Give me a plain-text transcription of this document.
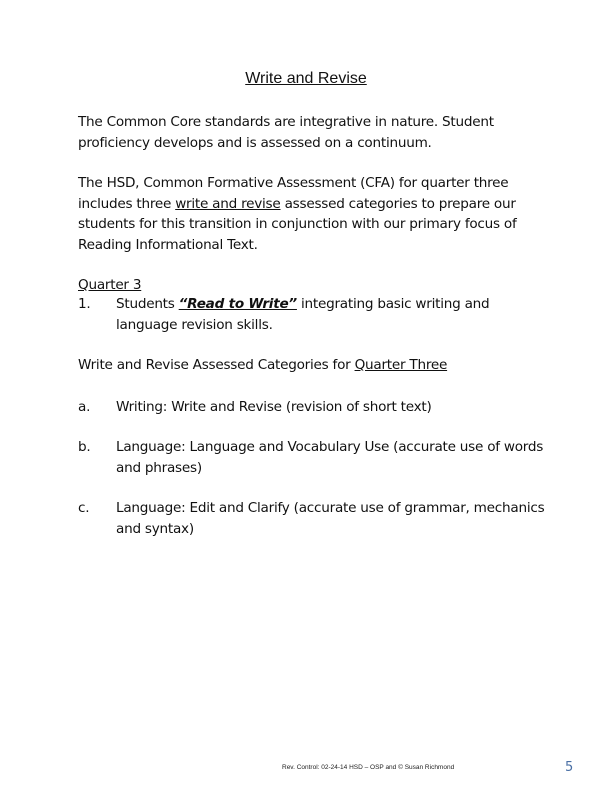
Write and Revise

The Common Core standards are integrative in nature. Student proficiency develops and is assessed on a continuum.

The HSD, Common Formative Assessment (CFA) for quarter three includes three write and revise assessed categories to prepare our students for this transition in conjunction with our primary focus of Reading Informational Text.

Quarter 3
1. Students “Read to Write” integrating basic writing and language revision skills.
Write and Revise Assessed Categories for Quarter Three
a. Writing: Write and Revise (revision of short text)
b. Language: Language and Vocabulary Use (accurate use of words and phrases)
c. Language: Edit and Clarify (accurate use of grammar, mechanics and syntax)
Rev. Control: 02-24-14 HSD – OSP and © Susan Richmond	5
